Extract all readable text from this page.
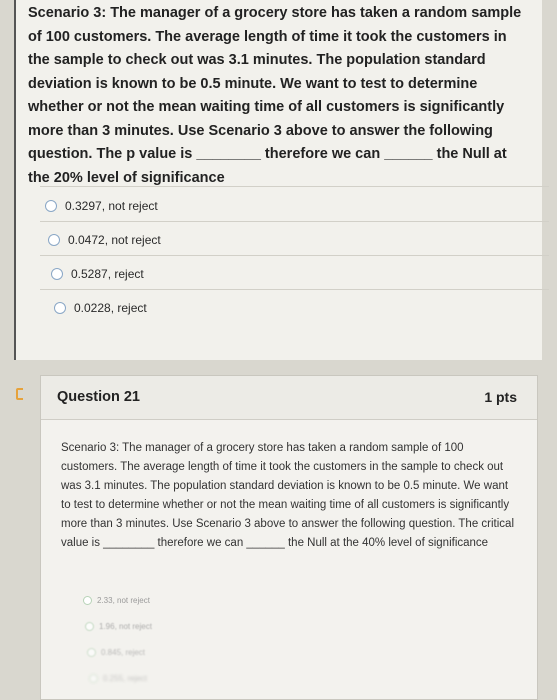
Scenario 3: The manager of a grocery store has taken a random sample of 100 customers. The average length of time it took the customers in the sample to check out was 3.1 minutes. The population standard deviation is known to be 0.5 minute. We want to test to determine whether or not the mean waiting time of all customers is significantly more than 3 minutes. Use Scenario 3 above to answer the following question. The p value is ________ therefore we can ______ the Null at the 20% level of significance
0.3297, not reject
0.0472, not reject
0.5287, reject
0.0228, reject
Question 21	1 pts
Scenario 3: The manager of a grocery store has taken a random sample of 100 customers. The average length of time it took the customers in the sample to check out was 3.1 minutes. The population standard deviation is known to be 0.5 minute. We want to test to determine whether or not the mean waiting time of all customers is significantly more than 3 minutes. Use Scenario 3 above to answer the following question. The critical value is ________ therefore we can ______ the Null at the 40% level of significance
2.33, not reject
1.96, not reject
0.845, reject
0.255, reject
